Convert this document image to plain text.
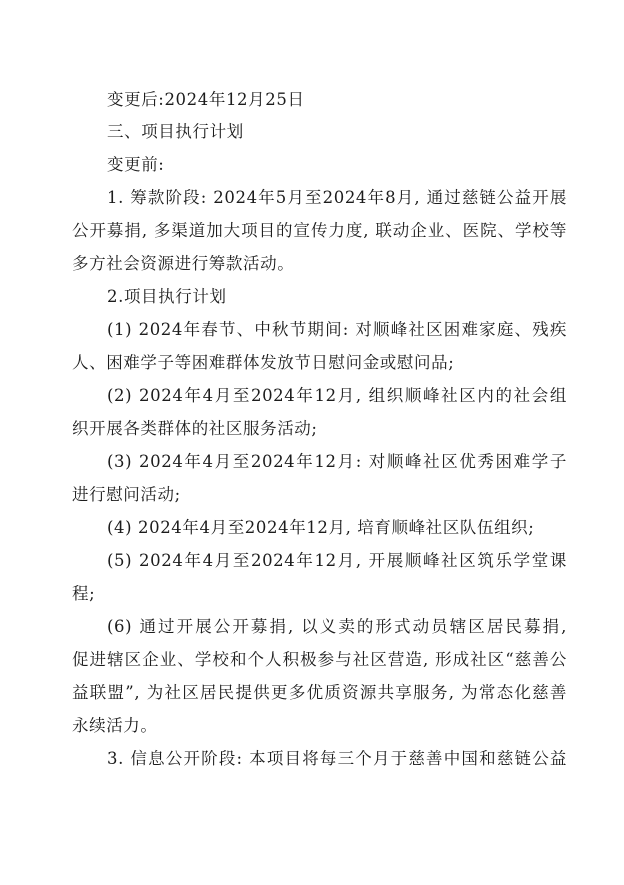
变更后:2024年12月25日
三、项目执行计划
变更前:
1. 筹款阶段: 2024年5月至2024年8月, 通过慈链公益开展
公开募捐, 多渠道加大项目的宣传力度, 联动企业、医院、学校等
多方社会资源进行筹款活动。
2.项目执行计划
(1) 2024年春节、中秋节期间: 对顺峰社区困难家庭、残疾
人、困难学子等困难群体发放节日慰问金或慰问品;
(2) 2024年4月至2024年12月, 组织顺峰社区内的社会组
织开展各类群体的社区服务活动;
(3) 2024年4月至2024年12月: 对顺峰社区优秀困难学子
进行慰问活动;
(4) 2024年4月至2024年12月, 培育顺峰社区队伍组织;
(5) 2024年4月至2024年12月, 开展顺峰社区筑乐学堂课
程;
(6) 通过开展公开募捐, 以义卖的形式动员辖区居民募捐,
促进辖区企业、学校和个人积极参与社区营造, 形成社区“慈善公
益联盟”, 为社区居民提供更多优质资源共享服务, 为常态化慈善
永续活力。
3. 信息公开阶段: 本项目将每三个月于慈善中国和慈链公益
